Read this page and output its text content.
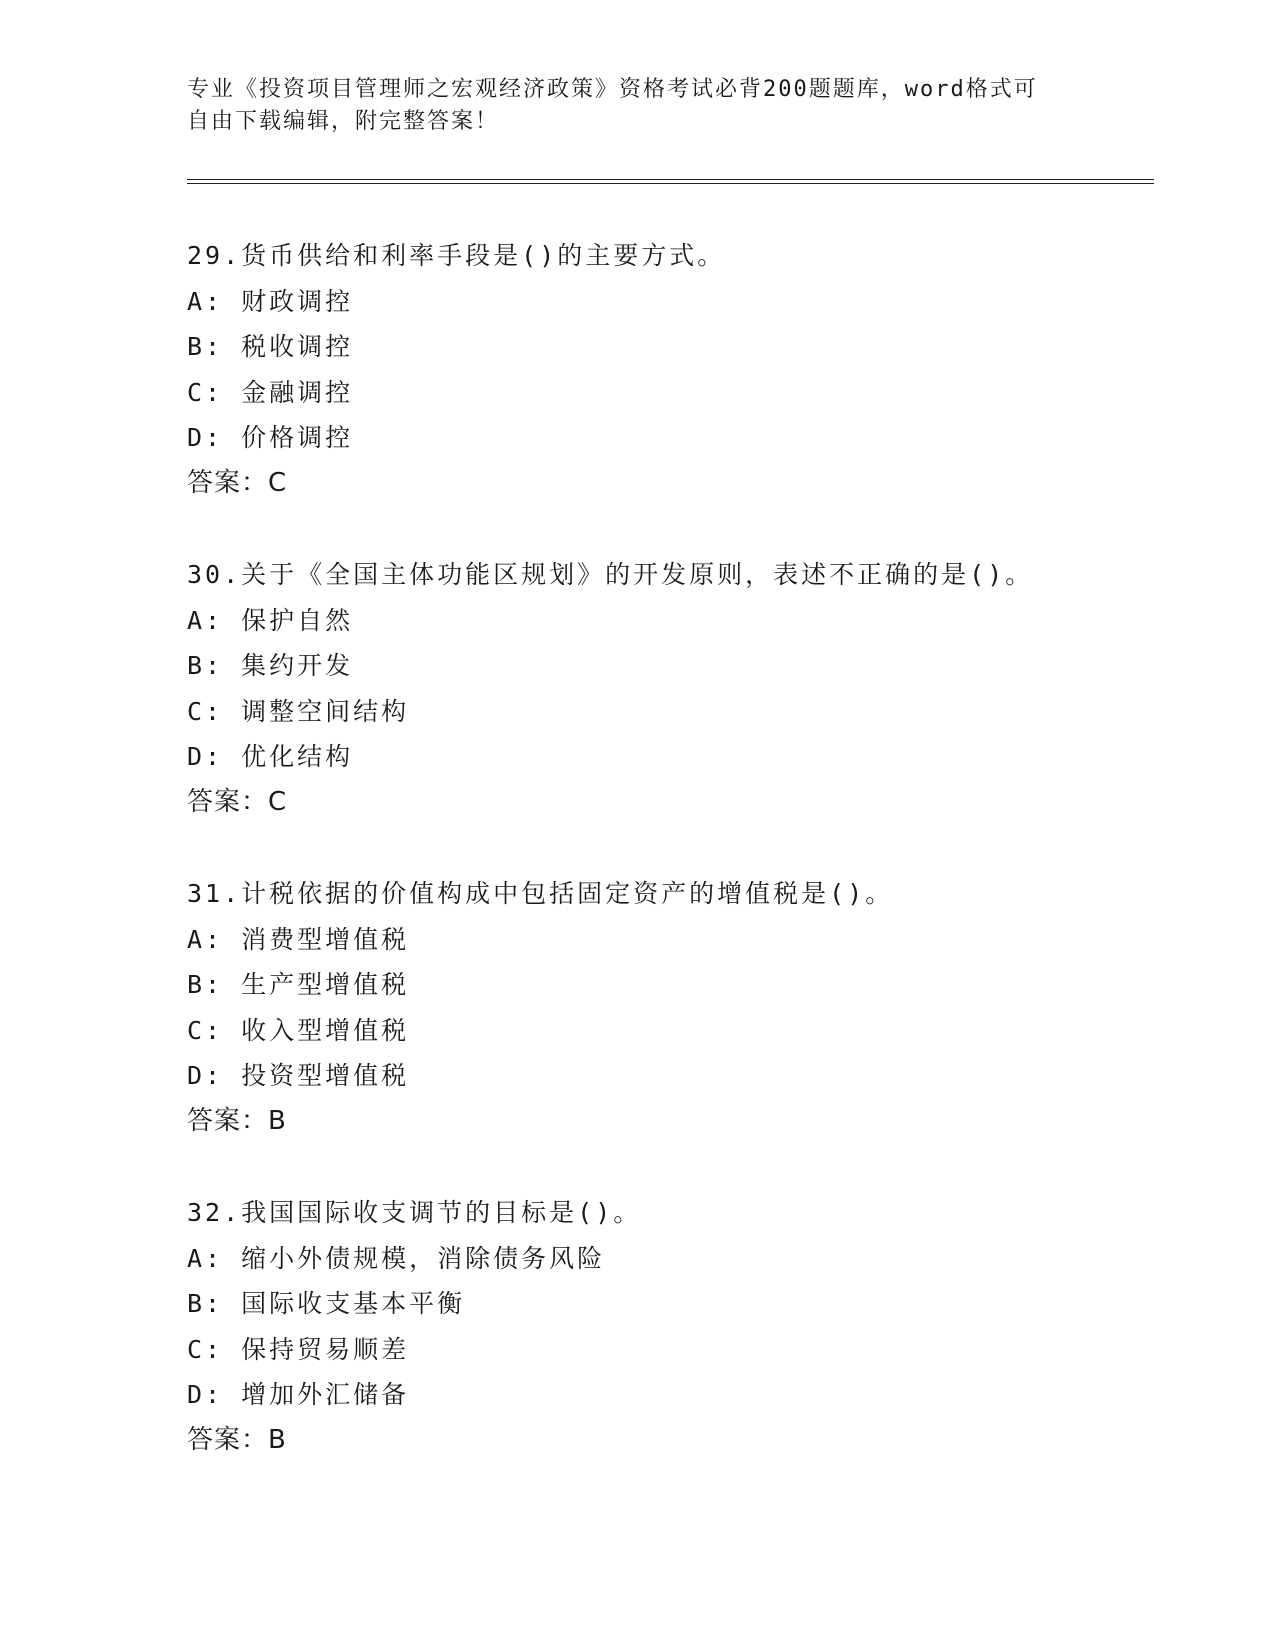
专业《投资项目管理师之宏观经济政策》资格考试必背200题题库，word格式可
自由下载编辑，附完整答案！
29.货币供给和利率手段是()的主要方式。
A: 财政调控
B: 税收调控
C: 金融调控
D: 价格调控
答案：C
30.关于《全国主体功能区规划》的开发原则，表述不正确的是()。
A: 保护自然
B: 集约开发
C: 调整空间结构
D: 优化结构
答案：C
31.计税依据的价值构成中包括固定资产的增值税是()。
A: 消费型增值税
B: 生产型增值税
C: 收入型增值税
D: 投资型增值税
答案：B
32.我国国际收支调节的目标是()。
A: 缩小外债规模，消除债务风险
B: 国际收支基本平衡
C: 保持贸易顺差
D: 增加外汇储备
答案：B
